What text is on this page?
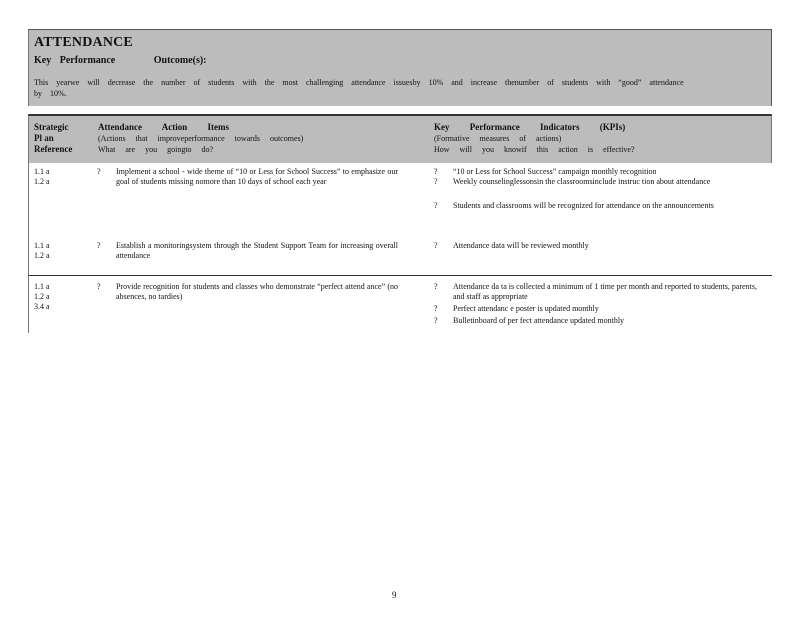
ATTENDANCE
Key Performance	Outcome(s):
This yearwe will decrease the number of students with the most challenging attendance issuesby 10% and increase thenumber of students with “good” attendance by 10%.
Strategic
Pl an
Reference
Attendance Action Items
(Actions that improveperformance towards outcomes)
What are you goingto do?
Key Performance Indicators (KPIs)
(Formative measures of actions)
How will you knowif this action is effective?
1.1 a
1.2 a
? Implement a school - wide theme of “10 or Less for School Success” to emphasize our goal of students missing nomore than 10 days of school each year
? “10 or Less for School Success” campaign monthly recognition
? Weekly counselinglessonsin the classroomsinclude instruc tion about attendance
? Students and classrooms will be recognized for attendance on the announcements
1.1 a
1.2 a
? Establish a monitoringsystem through the Student Support Team for increasing overall attendance
? Attendance data will be reviewed monthly
1.1 a
1.2 a
3.4 a
? Provide recognition for students and classes who demonstrate “perfect attend ance” (no absences, no tardies)
? Attendance da ta is collected a minimum of 1 time per month and reported to students, parents, and staff as appropriate
? Perfect attendanc e poster is updated monthly
? Bulletinboard of per fect attendance updated monthly
9
